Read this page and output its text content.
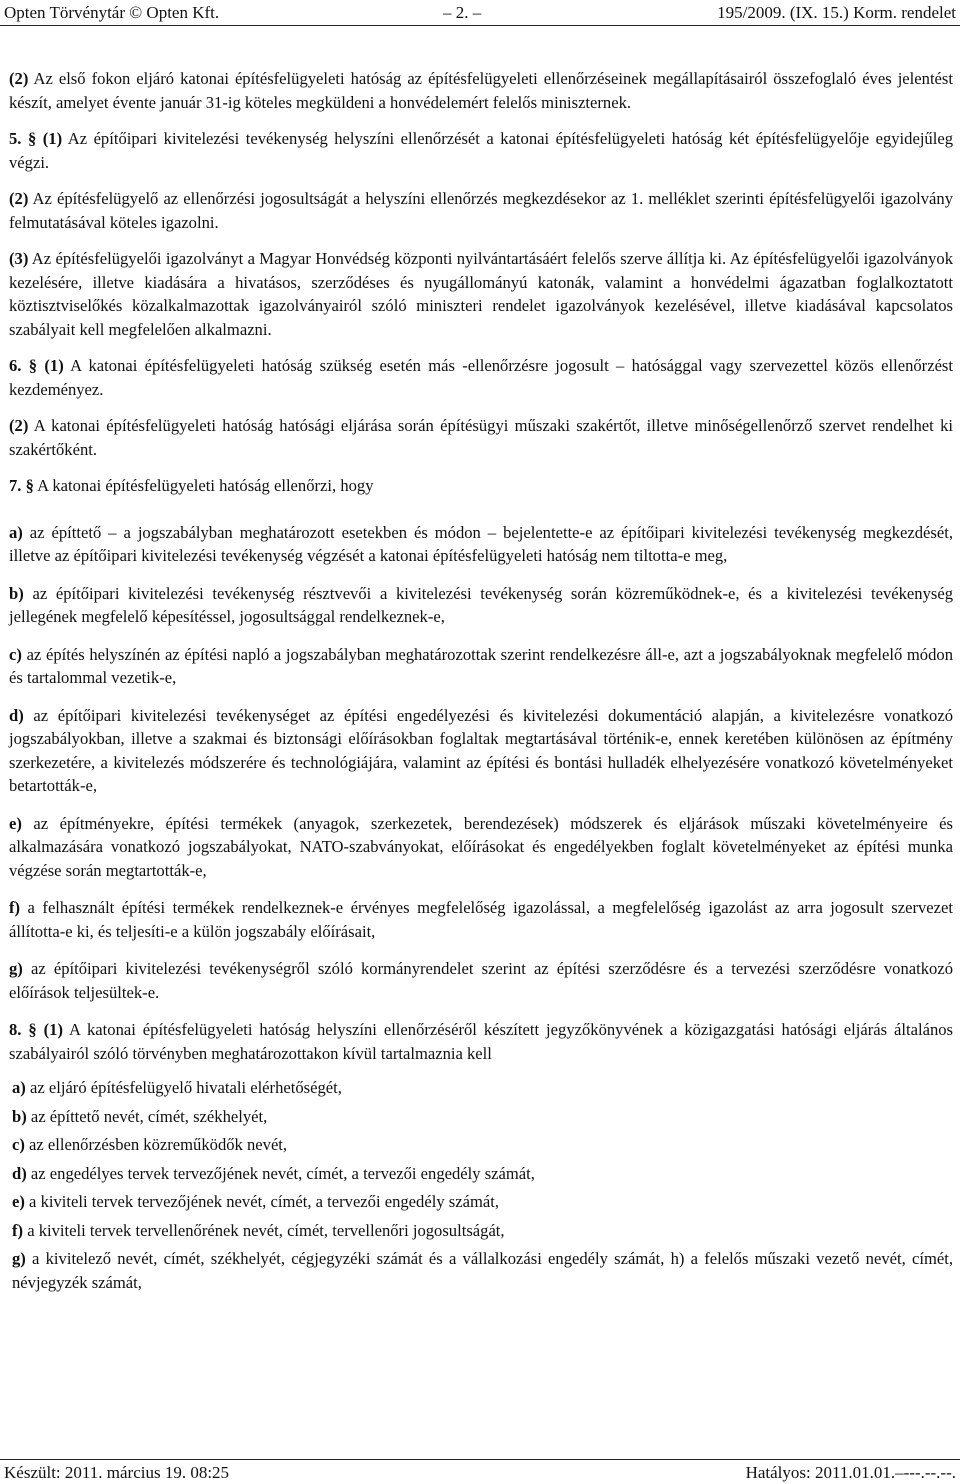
Opten Törvénytár © Opten Kft.	– 2. –	195/2009. (IX. 15.) Korm. rendelet

(2) Az első fokon eljáró katonai építésfelügyeleti hatóság az építésfelügyeleti ellenőrzéseinek megállapításairól összefoglaló éves jelentést készít, amelyet évente január 31-ig köteles megküldeni a honvédelemért felelős miniszternek.

5. § (1) Az építőipari kivitelezési tevékenység helyszíni ellenőrzését a katonai építésfelügyeleti hatóság két építésfelügyelője egyidejűleg végzi.

(2) Az építésfelügyelő az ellenőrzési jogosultságát a helyszíni ellenőrzés megkezdésekor az 1. melléklet szerinti építésfelügyelői igazolvány felmutatásával köteles igazolni.

(3) Az építésfelügyelői igazolványt a Magyar Honvédség központi nyilvántartásáért felelős szerve állítja ki. Az építésfelügyelői igazolványok kezelésére, illetve kiadására a hivatásos, szerződéses és nyugállományú katonák, valamint a honvédelmi ágazatban foglalkoztatott köztisztviselőkés közalkalmazottak igazolványairól szóló miniszteri rendelet igazolványok kezelésével, illetve kiadásával kapcsolatos szabályait kell megfelelően alkalmazni.

6. § (1) A katonai építésfelügyeleti hatóság szükség esetén más -ellenőrzésre jogosult – hatósággal vagy szervezettel közös ellenőrzést kezdeményez.

(2) A katonai építésfelügyeleti hatóság hatósági eljárása során építésügyi műszaki szakértőt, illetve minőségellenőrző szervet rendelhet ki szakértőként.

7. § A katonai építésfelügyeleti hatóság ellenőrzi, hogy

a) az építtető – a jogszabályban meghatározott esetekben és módon – bejelentette-e az építőipari kivitelezési tevékenység megkezdését, illetve az építőipari kivitelezési tevékenység végzését a katonai építésfelügyeleti hatóság nem tiltotta-e meg,

b) az építőipari kivitelezési tevékenység résztvevői a kivitelezési tevékenység során közreműködnek-e, és a kivitelezési tevékenység jellegének megfelelő képesítéssel, jogosultsággal rendelkeznek-e,

c) az építés helyszínén az építési napló a jogszabályban meghatározottak szerint rendelkezésre áll-e, azt a jogszabályoknak megfelelő módon és tartalommal vezetik-e,

d) az építőipari kivitelezési tevékenységet az építési engedélyezési és kivitelezési dokumentáció alapján, a kivitelezésre vonatkozó jogszabályokban, illetve a szakmai és biztonsági előírásokban foglaltak megtartásával történik-e, ennek keretében különösen az építmény szerkezetére, a kivitelezés módszerére és technológiájára, valamint az építési és bontási hulladék elhelyezésére vonatkozó követelményeket betartották-e,

e) az építményekre, építési termékek (anyagok, szerkezetek, berendezések) módszerek és eljárások műszaki követelményeire és alkalmazására vonatkozó jogszabályokat, NATO-szabványokat, előírásokat és engedélyekben foglalt követelményeket az építési munka végzése során megtartották-e,

f) a felhasznált építési termékek rendelkeznek-e érvényes megfelelőség igazolással, a megfelelőség igazolást az arra jogosult szervezet állította-e ki, és teljesíti-e a külön jogszabály előírásait,

g) az építőipari kivitelezési tevékenységről szóló kormányrendelet szerint az építési szerződésre és a tervezési szerződésre vonatkozó előírások teljesültek-e.

8. § (1) A katonai építésfelügyeleti hatóság helyszíni ellenőrzéséről készített jegyzőkönyvének a közigazgatási hatósági eljárás általános szabályairól szóló törvényben meghatározottakon kívül tartalmaznia kell

a) az eljáró építésfelügyelő hivatali elérhetőségét,

b) az építtető nevét, címét, székhelyét,

c) az ellenőrzésben közreműködők nevét,

d) az engedélyes tervek tervezőjének nevét, címét, a tervezői engedély számát,

e) a kiviteli tervek tervezőjének nevét, címét, a tervezői engedély számát,

f) a kiviteli tervek tervellenőrének nevét, címét, tervellenőri jogosultságát,

g) a kivitelező nevét, címét, székhelyét, cégjegyzéki számát és a vállalkozási engedély számát, h) a felelős műszaki vezető nevét, címét, névjegyzék számát,

Készült: 2011. március 19. 08:25	Hatályos: 2011.01.01.–---.--.--.
